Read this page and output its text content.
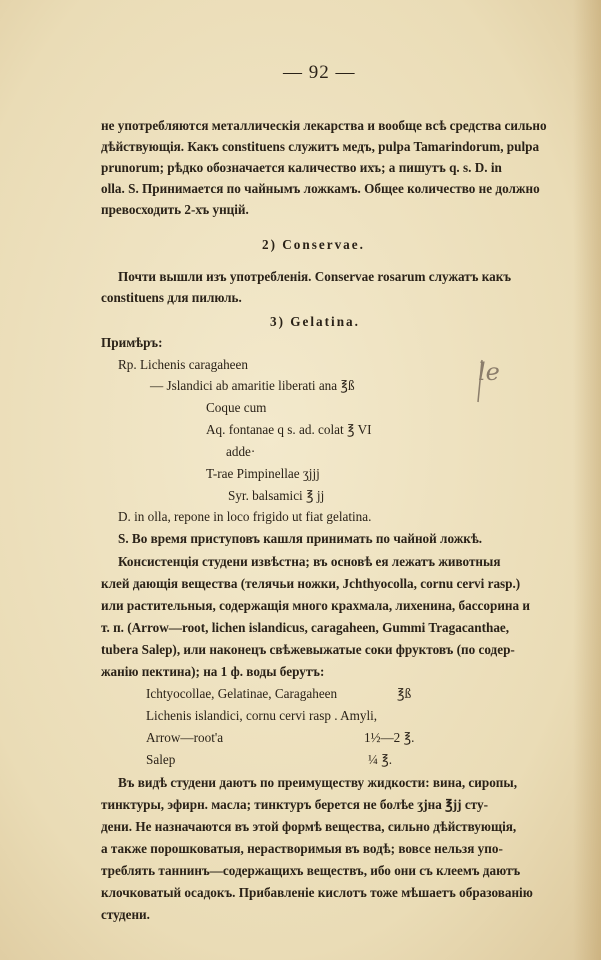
— 92 —
не употребляются металлическія лекарства и вообще всѣ средства сильно
дѣйствующія. Какъ constituens служитъ медъ, pulpa Tamarindorum, pulpa
prunorum; рѣдко обозначается каличество ихъ; а пишутъ q. s. D. in
olla. S. Принимается по чайнымъ ложкамъ. Общее количество не должно
превосходить 2-хъ унцій.
2) Conservae.
Почти вышли изъ употребленія. Conservae rosarum служатъ какъ
constituens для пилюль.
3) Gelatina.
Примѣръ:
Rp. Lichenis caragaheen
— Jslandici ab amaritie liberati ana ℥ß
Coque cum
Aq. fontanae q s. ad. colat ℥ VI
adde·
T-rae Pimpinellae ʒjjj
Syr. balsamici ℥ jj
D. in olla, repone in loco frigido ut fiat gelatina.
S. Во время приступовъ кашля принимать по чайной ложкѣ.
le
Консистенція студени извѣстна; въ основѣ ея лежатъ животныя
клей дающія вещества (телячьи ножки, Jchthyocolla, cornu cervi rasp.)
или растительныя, содержащія много крахмала, лихенина, бассорина и
т. п. (Arrow—root, lichen islandicus, caragaheen, Gummi Tragacanthae,
tubera Salep), или наконецъ свѣжевыжатые соки фруктовъ (по содер-
жанію пектина); на 1 ф. воды берутъ:
Ichtyocollae, Gelatinae, Caragaheen	℥ß
Lichenis islandici, cornu cervi rasp . Amyli,
Arrow—root'a	1½—2 ℥.
Salep	¼ ℥.
Въ видѣ студени даютъ по преимуществу жидкости: вина, сиропы,
тинктуры, эфирн. масла; тинктуръ берется не болѣе ʒjна ℥jj сту-
дени. Не назначаются въ этой формѣ вещества, сильно дѣйствующія,
а также порошковатыя, нерастворимыя въ водѣ; вовсе нельзя упо-
треблять таннинъ—содержащихъ веществъ, ибо они съ клеемъ даютъ
клочковатый осадокъ. Прибавленіе кислотъ тоже мѣшаетъ образованію
студени.
